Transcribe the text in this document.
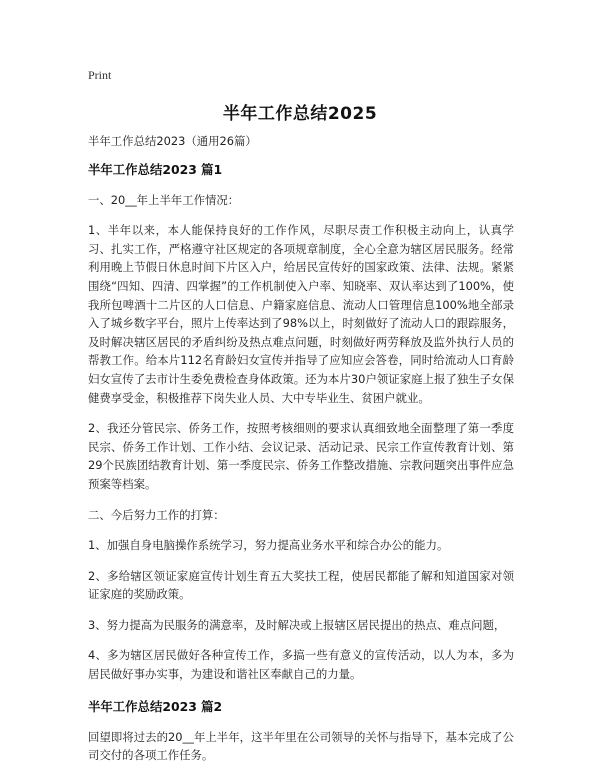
Print
半年工作总结2025
半年工作总结2023（通用26篇）
半年工作总结2023 篇1
一、20__年上半年工作情况：
1、半年以来，本人能保持良好的工作作风，尽职尽责工作积极主动向上，认真学习、扎实工作，严格遵守社区规定的各项规章制度，全心全意为辖区居民服务。经常利用晚上节假日休息时间下片区入户，给居民宣传好的国家政策、法律、法规。紧紧围绕“四知、四清、四掌握”的工作机制使入户率、知晓率、双认率达到了100%，使我所包啤酒十二片区的人口信息、户籍家庭信息、流动人口管理信息100%地全部录入了城乡数字平台，照片上传率达到了98%以上，时刻做好了流动人口的跟踪服务，及时解决辖区居民的矛盾纠纷及热点难点问题，时刻做好两劳释放及监外执行人员的帮教工作。给本片112名育龄妇女宣传并指导了应知应会答卷，同时给流动人口育龄妇女宣传了去市计生委免费检查身体政策。还为本片30户领证家庭上报了独生子女保健费享受金，积极推荐下岗失业人员、大中专毕业生、贫困户就业。
2、我还分管民宗、侨务工作，按照考核细则的要求认真细致地全面整理了第一季度民宗、侨务工作计划、工作小结、会议记录、活动记录、民宗工作宣传教育计划、第29个民族团结教育计划、第一季度民宗、侨务工作整改措施、宗教问题突出事件应急预案等档案。
二、今后努力工作的打算：
1、加强自身电脑操作系统学习，努力提高业务水平和综合办公的能力。
2、多给辖区领证家庭宣传计划生育五大奖扶工程，使居民都能了解和知道国家对领证家庭的奖励政策。
3、努力提高为民服务的满意率，及时解决或上报辖区居民提出的热点、难点问题，
4、多为辖区居民做好各种宣传工作，多搞一些有意义的宣传活动，以人为本，多为居民做好事办实事，为建设和谐社区奉献自己的力量。
半年工作总结2023 篇2
回望即将过去的20__年上半年，这半年里在公司领导的关怀与指导下，基本完成了公司交付的各项工作任务。
